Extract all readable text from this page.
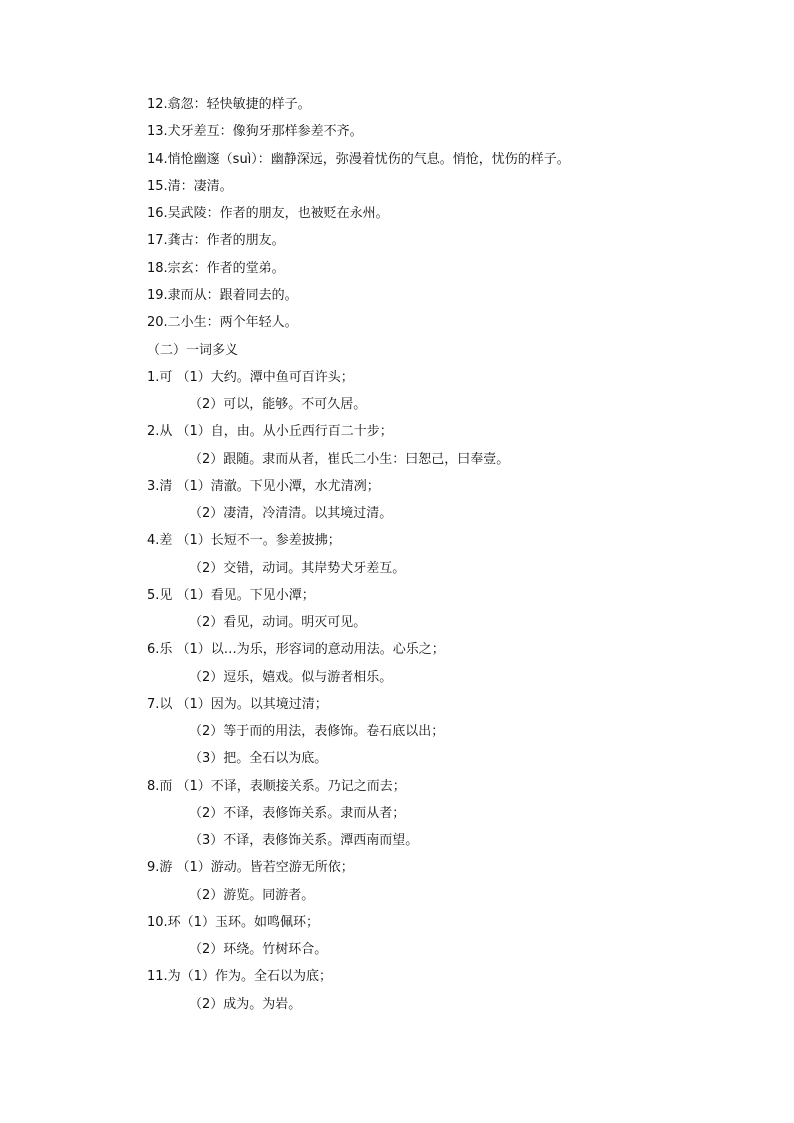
12.翕忽：轻快敏捷的样子。
13.犬牙差互：像狗牙那样参差不齐。
14.悄怆幽邃（suì）：幽静深远，弥漫着忧伤的气息。悄怆，忧伤的样子。
15.清：凄清。
16.吴武陵：作者的朋友，也被贬在永州。
17.龚古：作者的朋友。
18.宗玄：作者的堂弟。
19.隶而从：跟着同去的。
20.二小生：两个年轻人。
（二）一词多义
1.可 （1）大约。潭中鱼可百许头；
（2）可以，能够。不可久居。
2.从 （1）自，由。从小丘西行百二十步；
（2）跟随。隶而从者，崔氏二小生：曰恕己，曰奉壹。
3.清 （1）清澈。下见小潭，水尤清冽；
（2）凄清，冷清清。以其境过清。
4.差 （1）长短不一。参差披拂；
（2）交错，动词。其岸势犬牙差互。
5.见 （1）看见。下见小潭；
（2）看见，动词。明灭可见。
6.乐 （1）以…为乐，形容词的意动用法。心乐之；
（2）逗乐，嬉戏。似与游者相乐。
7.以 （1）因为。以其境过清；
（2）等于而的用法，表修饰。卷石底以出；
（3）把。全石以为底。
8.而 （1）不译，表顺接关系。乃记之而去；
（2）不译，表修饰关系。隶而从者；
（3）不译，表修饰关系。潭西南而望。
9.游 （1）游动。皆若空游无所依；
（2）游览。同游者。
10.环（1）玉环。如鸣佩环；
（2）环绕。竹树环合。
11.为（1）作为。全石以为底；
（2）成为。为岩。
